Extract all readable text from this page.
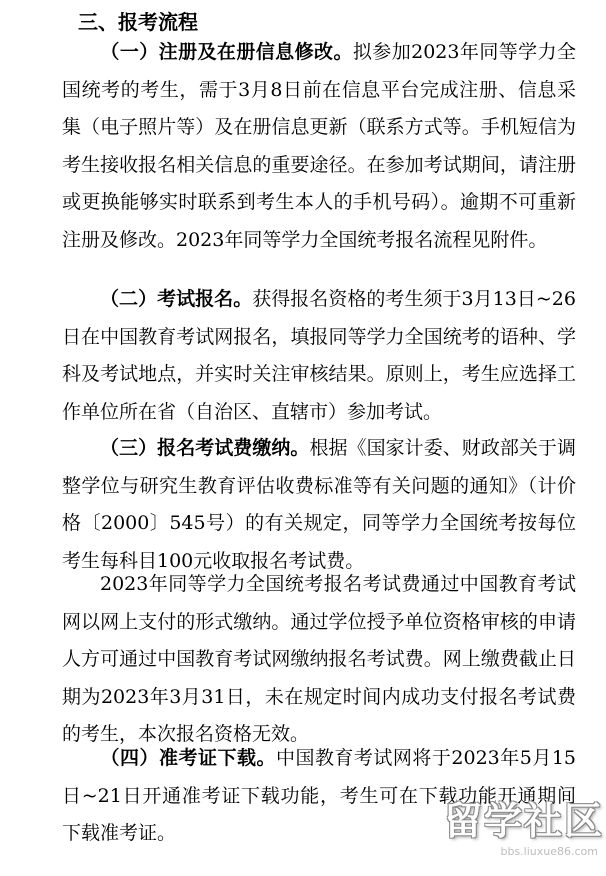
三、报考流程
（一）注册及在册信息修改。拟参加2023年同等学力全国统考的考生，需于3月8日前在信息平台完成注册、信息采集（电子照片等）及在册信息更新（联系方式等。手机短信为考生接收报名相关信息的重要途径。在参加考试期间，请注册或更换能够实时联系到考生本人的手机号码）。逾期不可重新注册及修改。2023年同等学力全国统考报名流程见附件。
（二）考试报名。获得报名资格的考生须于3月13日~26日在中国教育考试网报名，填报同等学力全国统考的语种、学科及考试地点，并实时关注审核结果。原则上，考生应选择工作单位所在省（自治区、直辖市）参加考试。
（三）报名考试费缴纳。根据《国家计委、财政部关于调整学位与研究生教育评估收费标准等有关问题的通知》（计价格〔2000〕545号）的有关规定，同等学力全国统考按每位考生每科目100元收取报名考试费。
2023年同等学力全国统考报名考试费通过中国教育考试网以网上支付的形式缴纳。通过学位授予单位资格审核的申请人方可通过中国教育考试网缴纳报名考试费。网上缴费截止日期为2023年3月31日，未在规定时间内成功支付报名考试费的考生，本次报名资格无效。
（四）准考证下载。中国教育考试网将于2023年5月15日~21日开通准考证下载功能，考生可在下载功能开通期间下载准考证。	留学社区
bbs.liuxue86.com
